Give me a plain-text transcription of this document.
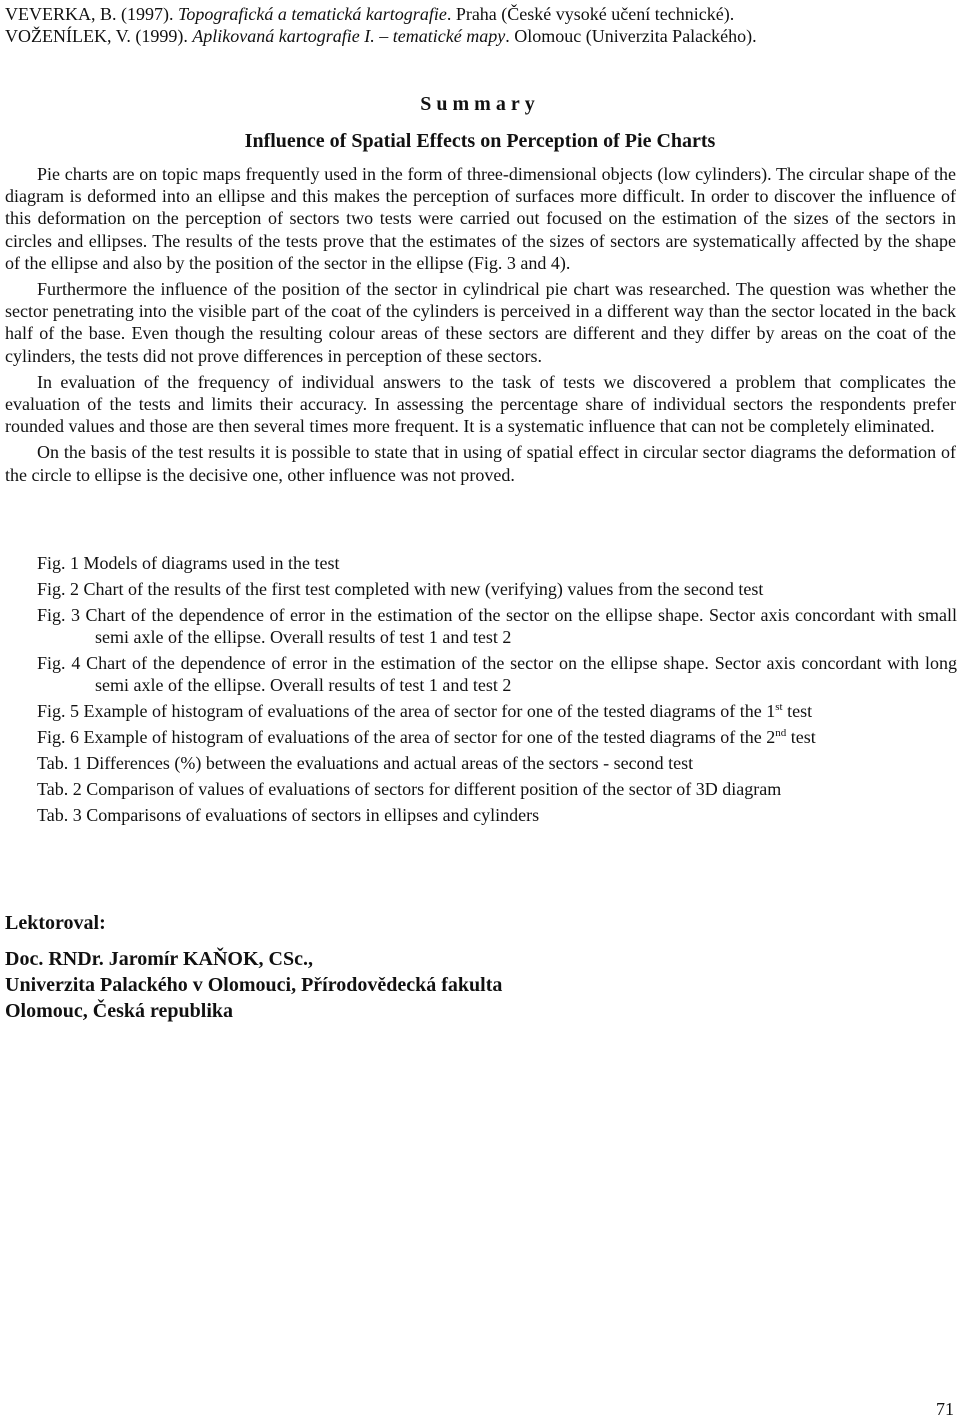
VEVERKA, B. (1997). Topografická a tematická kartografie. Praha (České vysoké učení technické).

VOŽENÍLEK, V. (1999). Aplikovaná kartografie I. – tematické mapy. Olomouc (Univerzita Palackého).

Summary
Influence of Spatial Effects on Perception of Pie Charts

Pie charts are on topic maps frequently used in the form of three-dimensional objects (low cylinders). The circular shape of the diagram is deformed into an ellipse and this makes the perception of surfaces more difficult. In order to discover the influence of this deformation on the perception of sectors two tests were carried out focused on the estimation of the sizes of the sectors in circles and ellipses. The results of the tests prove that the estimates of the sizes of sectors are systematically affected by the shape of the ellipse and also by the position of the sector in the ellipse (Fig. 3 and 4).

Furthermore the influence of the position of the sector in cylindrical pie chart was researched. The question was whether the sector penetrating into the visible part of the coat of the cylinders is perceived in a different way than the sector located in the back half of the base. Even though the resulting colour areas of these sectors are different and they differ by areas on the coat of the cylinders, the tests did not prove differences in perception of these sectors.

In evaluation of the frequency of individual answers to the task of tests we discovered a problem that complicates the evaluation of the tests and limits their accuracy. In assessing the percentage share of individual sectors the respondents prefer rounded values and those are then several times more frequent. It is a systematic influence that can not be completely eliminated.

On the basis of the test results it is possible to state that in using of spatial effect in circular sector diagrams the deformation of the circle to ellipse is the decisive one, other influence was not proved.

Fig. 1 Models of diagrams used in the test

Fig. 2 Chart of the results of the first test completed with new (verifying) values from the second test

Fig. 3 Chart of the dependence of error in the estimation of the sector on the ellipse shape. Sector axis concordant with small semi axle of the ellipse. Overall results of test 1 and test 2

Fig. 4 Chart of the dependence of error in the estimation of the sector on the ellipse shape. Sector axis concordant with long semi axle of the ellipse. Overall results of test 1 and test 2

Fig. 5 Example of histogram of evaluations of the area of sector for one of the tested diagrams of the 1st test

Fig. 6 Example of histogram of evaluations of the area of sector for one of the tested diagrams of the 2nd test

Tab. 1 Differences (%) between the evaluations and actual areas of the sectors - second test

Tab. 2 Comparison of values of evaluations of sectors for different position of the sector of 3D diagram

Tab. 3 Comparisons of evaluations of sectors in ellipses and cylinders

Lektoroval:
Doc. RNDr. Jaromír KAŇOK, CSc.,
Univerzita Palackého v Olomouci, Přírodovědecká fakulta
Olomouc, Česká republika
71
